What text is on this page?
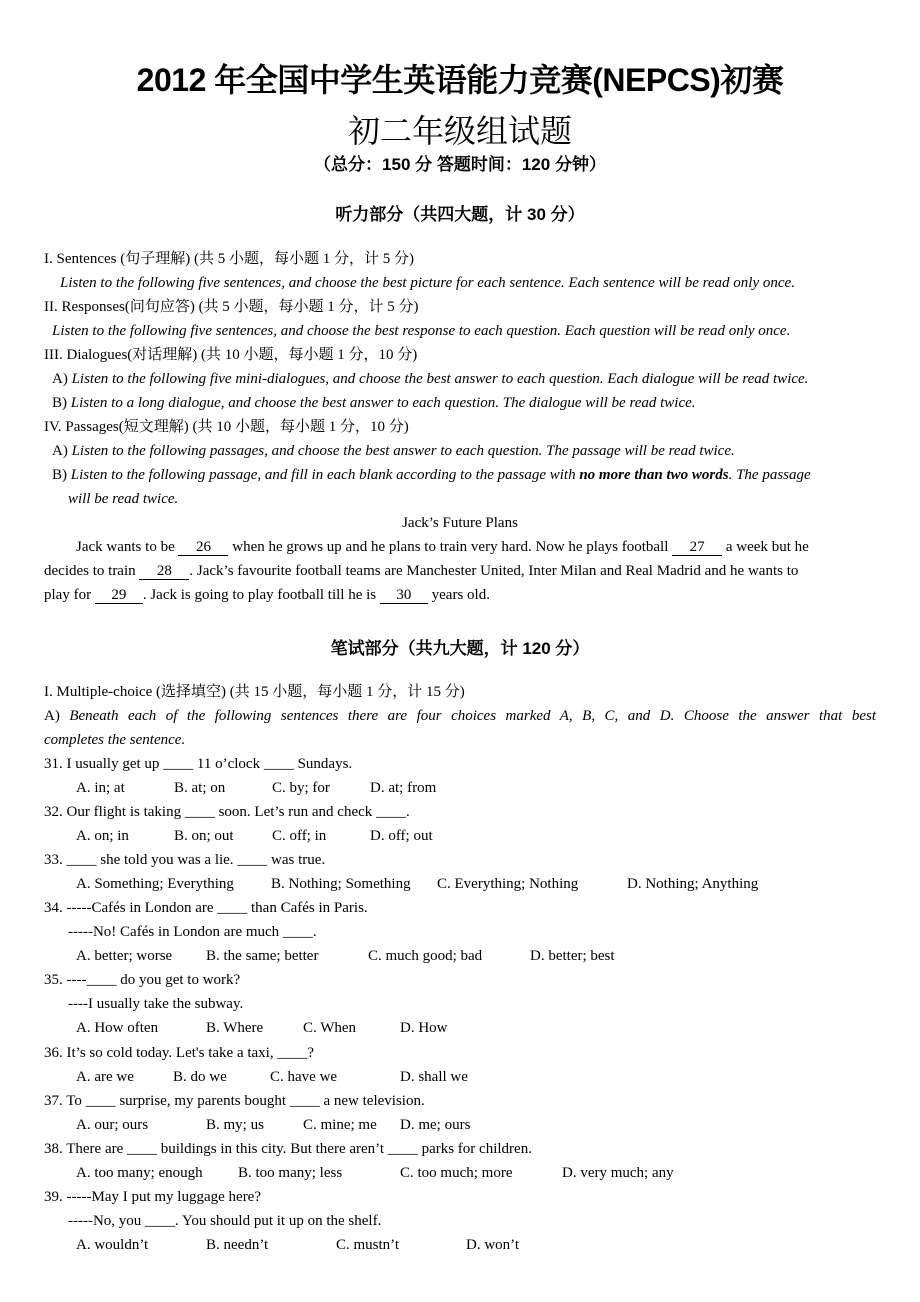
2012 年全国中学生英语能力竞赛(NEPCS)初赛
初二年级组试题
（总分：150 分 答题时间：120 分钟）
听力部分（共四大题，计 30 分）
I. Sentences (句子理解) (共 5 小题，每小题 1 分，计 5 分)
Listen to the following five sentences, and choose the best picture for each sentence. Each sentence will be read only once.
II. Responses(问句应答) (共 5 小题，每小题 1 分，计 5 分)
Listen to the following five sentences, and choose the best response to each question. Each question will be read only once.
III. Dialogues(对话理解) (共 10 小题，每小题 1 分，10 分)
A) Listen to the following five mini-dialogues, and choose the best answer to each question. Each dialogue will be read twice.
B) Listen to a long dialogue, and choose the best answer to each question. The dialogue will be read twice.
IV. Passages(短文理解) (共 10 小题，每小题 1 分，10 分)
A) Listen to the following passages, and choose the best answer to each question. The passage will be read twice.
B) Listen to the following passage, and fill in each blank according to the passage with no more than two words. The passage
will be read twice.
Jack’s Future Plans
Jack wants to be 26 when he grows up and he plans to train very hard. Now he plays football 27 a week but he
decides to train 28 . Jack’s favourite football teams are Manchester United, Inter Milan and Real Madrid and he wants to
play for 29 . Jack is going to play football till he is 30 years old.
笔试部分（共九大题，计 120 分）
I. Multiple-choice (选择填空) (共 15 小题，每小题 1 分，计 15 分)
A) Beneath each of the following sentences there are four choices marked A, B, C, and D. Choose the answer that best
completes the sentence.
31. I usually get up ____ 11 o’clock ____ Sundays.
A. in; at	B. at; on	C. by; for	D. at; from
32. Our flight is taking ____ soon. Let’s run and check ____.
A. on; in	B. on; out	C. off; in	D. off; out
33. ____ she told you was a lie. ____ was true.
A. Something; Everything B. Nothing; Something C. Everything; Nothing	D. Nothing; Anything
34. -----Cafés in London are ____ than Cafés in Paris.
-----No! Cafés in London are much ____.
A. better; worse B. the same; better	C. much good; bad	D. better; best
35. ----____ do you get to work?
----I usually take the subway.
A. How often	B. Where	C. When	D. How
36. It’s so cold today. Let's take a taxi, ____?
A. are we	B. do we	C. have we	D. shall we
37. To ____ surprise, my parents bought ____ a new television.
A. our; ours	B. my; us	C. mine; me D. me; ours
38. There are ____ buildings in this city. But there aren’t ____ parks for children.
A. too many; enough B. too many; less	C. too much; more	D. very much; any
39. -----May I put my luggage here?
-----No, you ____. You should put it up on the shelf.
A. wouldn’t	B. needn’t	C. mustn’t	D. won’t
